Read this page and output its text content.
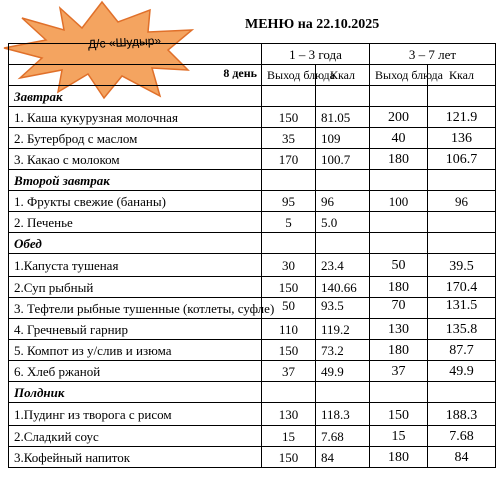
Д/с «Шудыр»
МЕНЮ на 22.10.2025
	1 – 3 года		3 – 7 лет	

8 день	Выход блюда	Ккал	Выход блюда	Ккал
Завтрак				
1. Каша кукурузная молочная	150	81.05	200	121.9
2. Бутерброд с маслом	35	109	40	136
3. Какао с молоком	170	100.7	180	106.7
Второй завтрак				
1. Фрукты свежие (бананы)	95	96	100	96
2. Печенье	5	5.0		
Обед				
1.Капуста тушеная	30	23.4	50	39.5
2.Суп рыбный	150	140.66	180	170.4
3. Тефтели рыбные тушенные (котлеты, суфле)	50	93.5	70	131.5
4. Гречневый гарнир	110	119.2	130	135.8
5. Компот из у/слив и изюма	150	73.2	180	87.7
6. Хлеб ржаной	37	49.9	37	49.9
Полдник				
1.Пудинг из творога с рисом	130	118.3	150	188.3
2.Сладкий соус	15	7.68	15	7.68
3.Кофейный напиток	150	84	180	84
